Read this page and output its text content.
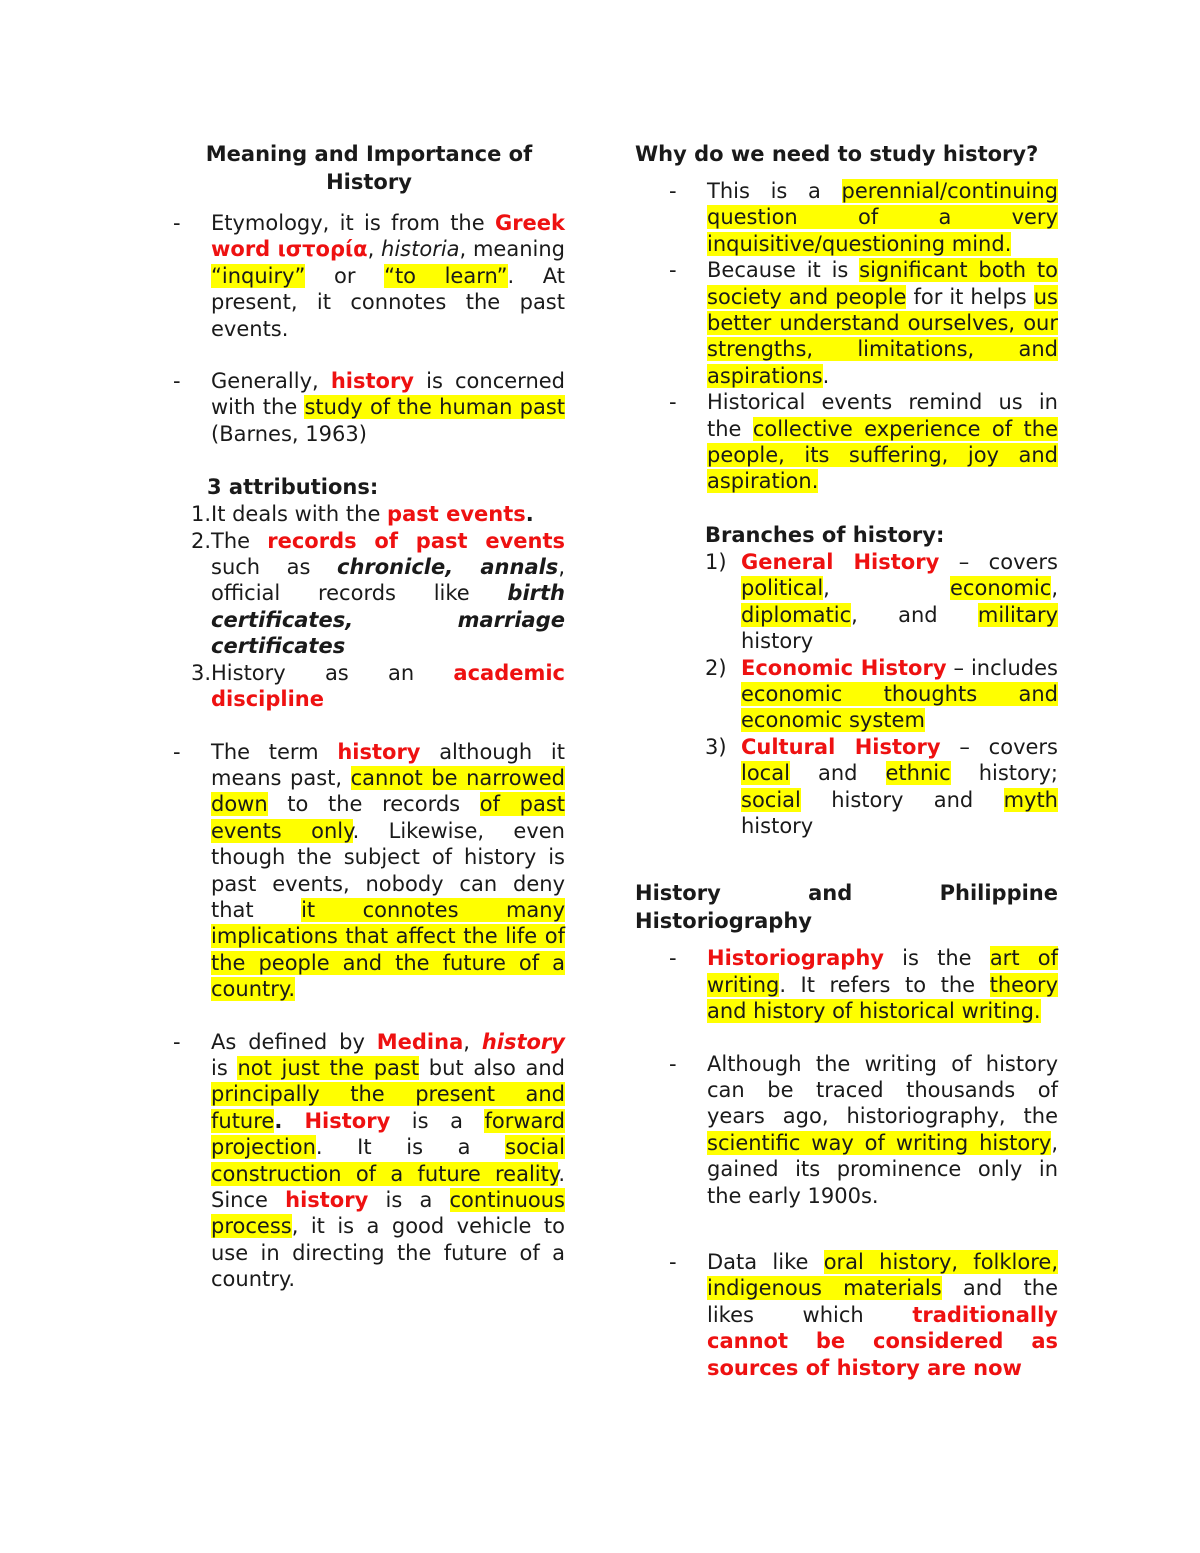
Meaning and Importance of History
-	Etymology, it is from the Greek word ιστορία, historia, meaning “inquiry” or “to learn”. At present, it connotes the past events.
-	Generally, history is concerned with the study of the human past (Barnes, 1963)
3 attributions:
1. It deals with the past events.
2. The records of past events such as chronicle, annals, official records like birth certificates, marriage certificates
3. History as an academic discipline
-	The term history although it means past, cannot be narrowed down to the records of past events only. Likewise, even though the subject of history is past events, nobody can deny that it connotes many implications that affect the life of the people and the future of a country.
-	As defined by Medina, history is not just the past but also and principally the present and future. History is a forward projection. It is a social construction of a future reality. Since history is a continuous process, it is a good vehicle to use in directing the future of a country.
Why do we need to study history?
-	This is a perennial/continuing question of a very inquisitive/questioning mind.
-	Because it is significant both to society and people for it helps us better understand ourselves, our strengths, limitations, and aspirations.
-	Historical events remind us in the collective experience of the people, its suffering, joy and aspiration.
Branches of history:
1) General History – covers political, economic, diplomatic, and military history
2) Economic History – includes economic thoughts and economic system
3) Cultural History – covers local and ethnic history; social history and myth history
History and Philippine Historiography
-	Historiography is the art of writing. It refers to the theory and history of historical writing.
-	Although the writing of history can be traced thousands of years ago, historiography, the scientific way of writing history, gained its prominence only in the early 1900s.
-	Data like oral history, folklore, indigenous materials and the likes which traditionally cannot be considered as sources of history are now
